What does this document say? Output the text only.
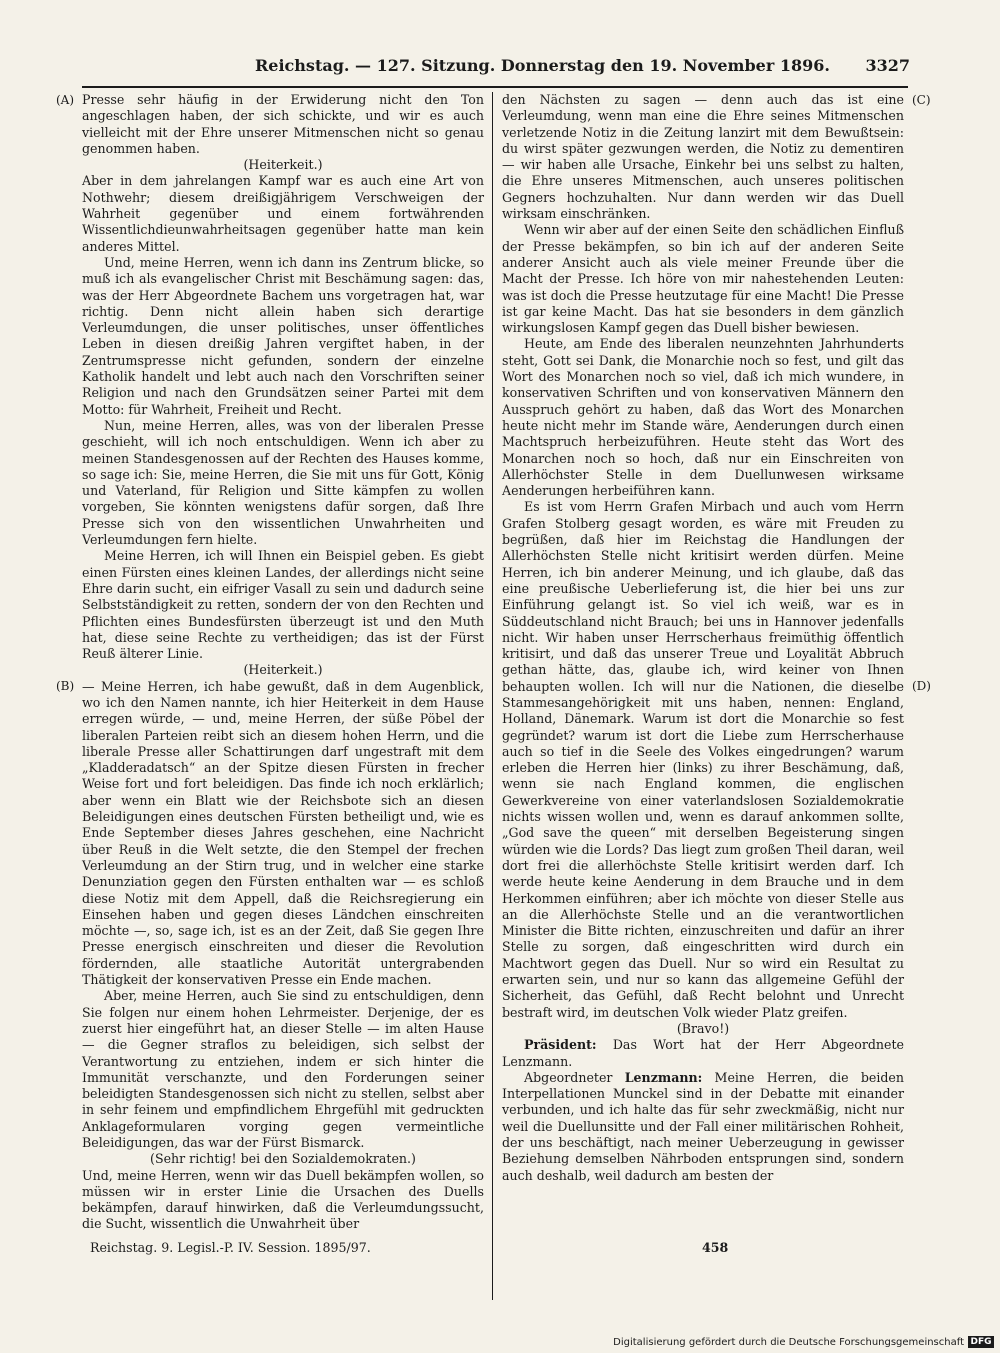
Reichstag. — 127. Sitzung. Donnerstag den 19. November 1896. 3327
(A)
(B)
(C)
(D)

Presse sehr häufig in der Erwiderung nicht den Ton angeschlagen haben, der sich schickte, und wir es auch vielleicht mit der Ehre unserer Mitmenschen nicht so genau genommen haben.

(Heiterkeit.)

Aber in dem jahrelangen Kampf war es auch eine Art von Nothwehr; diesem dreißigjährigem Verschweigen der Wahrheit gegenüber und einem fortwährenden Wissentlichdieunwahrheitsagen gegenüber hatte man kein anderes Mittel.

Und, meine Herren, wenn ich dann ins Zentrum blicke, so muß ich als evangelischer Christ mit Beschämung sagen: das, was der Herr Abgeordnete Bachem uns vorgetragen hat, war richtig. Denn nicht allein haben sich derartige Verleumdungen, die unser politisches, unser öffentliches Leben in diesen dreißig Jahren vergiftet haben, in der Zentrumspresse nicht gefunden, sondern der einzelne Katholik handelt und lebt auch nach den Vorschriften seiner Religion und nach den Grundsätzen seiner Partei mit dem Motto: für Wahrheit, Freiheit und Recht.

Nun, meine Herren, alles, was von der liberalen Presse geschieht, will ich noch entschuldigen. Wenn ich aber zu meinen Standesgenossen auf der Rechten des Hauses komme, so sage ich: Sie, meine Herren, die Sie mit uns für Gott, König und Vaterland, für Religion und Sitte kämpfen zu wollen vorgeben, Sie könnten wenigstens dafür sorgen, daß Ihre Presse sich von den wissentlichen Unwahrheiten und Verleumdungen fern hielte.

Meine Herren, ich will Ihnen ein Beispiel geben. Es giebt einen Fürsten eines kleinen Landes, der allerdings nicht seine Ehre darin sucht, ein eifriger Vasall zu sein und dadurch seine Selbstständigkeit zu retten, sondern der von den Rechten und Pflichten eines Bundesfürsten überzeugt ist und den Muth hat, diese seine Rechte zu vertheidigen; das ist der Fürst Reuß älterer Linie.

(Heiterkeit.)

— Meine Herren, ich habe gewußt, daß in dem Augenblick, wo ich den Namen nannte, ich hier Heiterkeit in dem Hause erregen würde, — und, meine Herren, der süße Pöbel der liberalen Parteien reibt sich an diesem hohen Herrn, und die liberale Presse aller Schattirungen darf ungestraft mit dem „Kladderadatsch“ an der Spitze diesen Fürsten in frecher Weise fort und fort beleidigen. Das finde ich noch erklärlich; aber wenn ein Blatt wie der Reichsbote sich an diesen Beleidigungen eines deutschen Fürsten betheiligt und, wie es Ende September dieses Jahres geschehen, eine Nachricht über Reuß in die Welt setzte, die den Stempel der frechen Verleumdung an der Stirn trug, und in welcher eine starke Denunziation gegen den Fürsten enthalten war — es schloß diese Notiz mit dem Appell, daß die Reichsregierung ein Einsehen haben und gegen dieses Ländchen einschreiten möchte —, so, sage ich, ist es an der Zeit, daß Sie gegen Ihre Presse energisch einschreiten und dieser die Revolution fördernden, alle staatliche Autorität untergrabenden Thätigkeit der konservativen Presse ein Ende machen.

Aber, meine Herren, auch Sie sind zu entschuldigen, denn Sie folgen nur einem hohen Lehrmeister. Derjenige, der es zuerst hier eingeführt hat, an dieser Stelle — im alten Hause — die Gegner straflos zu beleidigen, sich selbst der Verantwortung zu entziehen, indem er sich hinter die Immunität verschanzte, und den Forderungen seiner beleidigten Standesgenossen sich nicht zu stellen, selbst aber in sehr feinem und empfindlichem Ehrgefühl mit gedruckten Anklageformularen vorging gegen vermeintliche Beleidigungen, das war der Fürst Bismarck.

(Sehr richtig! bei den Sozialdemokraten.)

Und, meine Herren, wenn wir das Duell bekämpfen wollen, so müssen wir in erster Linie die Ursachen des Duells bekämpfen, darauf hinwirken, daß die Verleumdungssucht, die Sucht, wissentlich die Unwahrheit über

den Nächsten zu sagen — denn auch das ist eine Verleumdung, wenn man eine die Ehre seines Mitmenschen verletzende Notiz in die Zeitung lanzirt mit dem Bewußtsein: du wirst später gezwungen werden, die Notiz zu dementiren — wir haben alle Ursache, Einkehr bei uns selbst zu halten, die Ehre unseres Mitmenschen, auch unseres politischen Gegners hochzuhalten. Nur dann werden wir das Duell wirksam einschränken.

Wenn wir aber auf der einen Seite den schädlichen Einfluß der Presse bekämpfen, so bin ich auf der anderen Seite anderer Ansicht auch als viele meiner Freunde über die Macht der Presse. Ich höre von mir nahestehenden Leuten: was ist doch die Presse heutzutage für eine Macht! Die Presse ist gar keine Macht. Das hat sie besonders in dem gänzlich wirkungslosen Kampf gegen das Duell bisher bewiesen.

Heute, am Ende des liberalen neunzehnten Jahrhunderts steht, Gott sei Dank, die Monarchie noch so fest, und gilt das Wort des Monarchen noch so viel, daß ich mich wundere, in konservativen Schriften und von konservativen Männern den Ausspruch gehört zu haben, daß das Wort des Monarchen heute nicht mehr im Stande wäre, Aenderungen durch einen Machtspruch herbeizuführen. Heute steht das Wort des Monarchen noch so hoch, daß nur ein Einschreiten von Allerhöchster Stelle in dem Duellunwesen wirksame Aenderungen herbeiführen kann.

Es ist vom Herrn Grafen Mirbach und auch vom Herrn Grafen Stolberg gesagt worden, es wäre mit Freuden zu begrüßen, daß hier im Reichstag die Handlungen der Allerhöchsten Stelle nicht kritisirt werden dürfen. Meine Herren, ich bin anderer Meinung, und ich glaube, daß das eine preußische Ueberlieferung ist, die hier bei uns zur Einführung gelangt ist. So viel ich weiß, war es in Süddeutschland nicht Brauch; bei uns in Hannover jedenfalls nicht. Wir haben unser Herrscherhaus freimüthig öffentlich kritisirt, und daß das unserer Treue und Loyalität Abbruch gethan hätte, das, glaube ich, wird keiner von Ihnen behaupten wollen. Ich will nur die Nationen, die dieselbe Stammesangehörigkeit mit uns haben, nennen: England, Holland, Dänemark. Warum ist dort die Monarchie so fest gegründet? warum ist dort die Liebe zum Herrscherhause auch so tief in die Seele des Volkes eingedrungen? warum erleben die Herren hier (links) zu ihrer Beschämung, daß, wenn sie nach England kommen, die englischen Gewerkvereine von einer vaterlandslosen Sozialdemokratie nichts wissen wollen und, wenn es darauf ankommen sollte, „God save the queen“ mit derselben Begeisterung singen würden wie die Lords? Das liegt zum großen Theil daran, weil dort frei die allerhöchste Stelle kritisirt werden darf. Ich werde heute keine Aenderung in dem Brauche und in dem Herkommen einführen; aber ich möchte von dieser Stelle aus an die Allerhöchste Stelle und an die verantwortlichen Minister die Bitte richten, einzuschreiten und dafür an ihrer Stelle zu sorgen, daß eingeschritten wird durch ein Machtwort gegen das Duell. Nur so wird ein Resultat zu erwarten sein, und nur so kann das allgemeine Gefühl der Sicherheit, das Gefühl, daß Recht belohnt und Unrecht bestraft wird, im deutschen Volk wieder Platz greifen.

(Bravo!)

Präsident: Das Wort hat der Herr Abgeordnete Lenzmann.

Abgeordneter Lenzmann: Meine Herren, die beiden Interpellationen Munckel sind in der Debatte mit einander verbunden, und ich halte das für sehr zweckmäßig, nicht nur weil die Duellunsitte und der Fall einer militärischen Rohheit, der uns beschäftigt, nach meiner Ueberzeugung in gewisser Beziehung demselben Nährboden entsprungen sind, sondern auch deshalb, weil dadurch am besten der

Reichstag. 9. Legisl.-P. IV. Session. 1895/97.	458
Digitalisierung gefördert durch die Deutsche Forschungsgemeinschaft DFG
